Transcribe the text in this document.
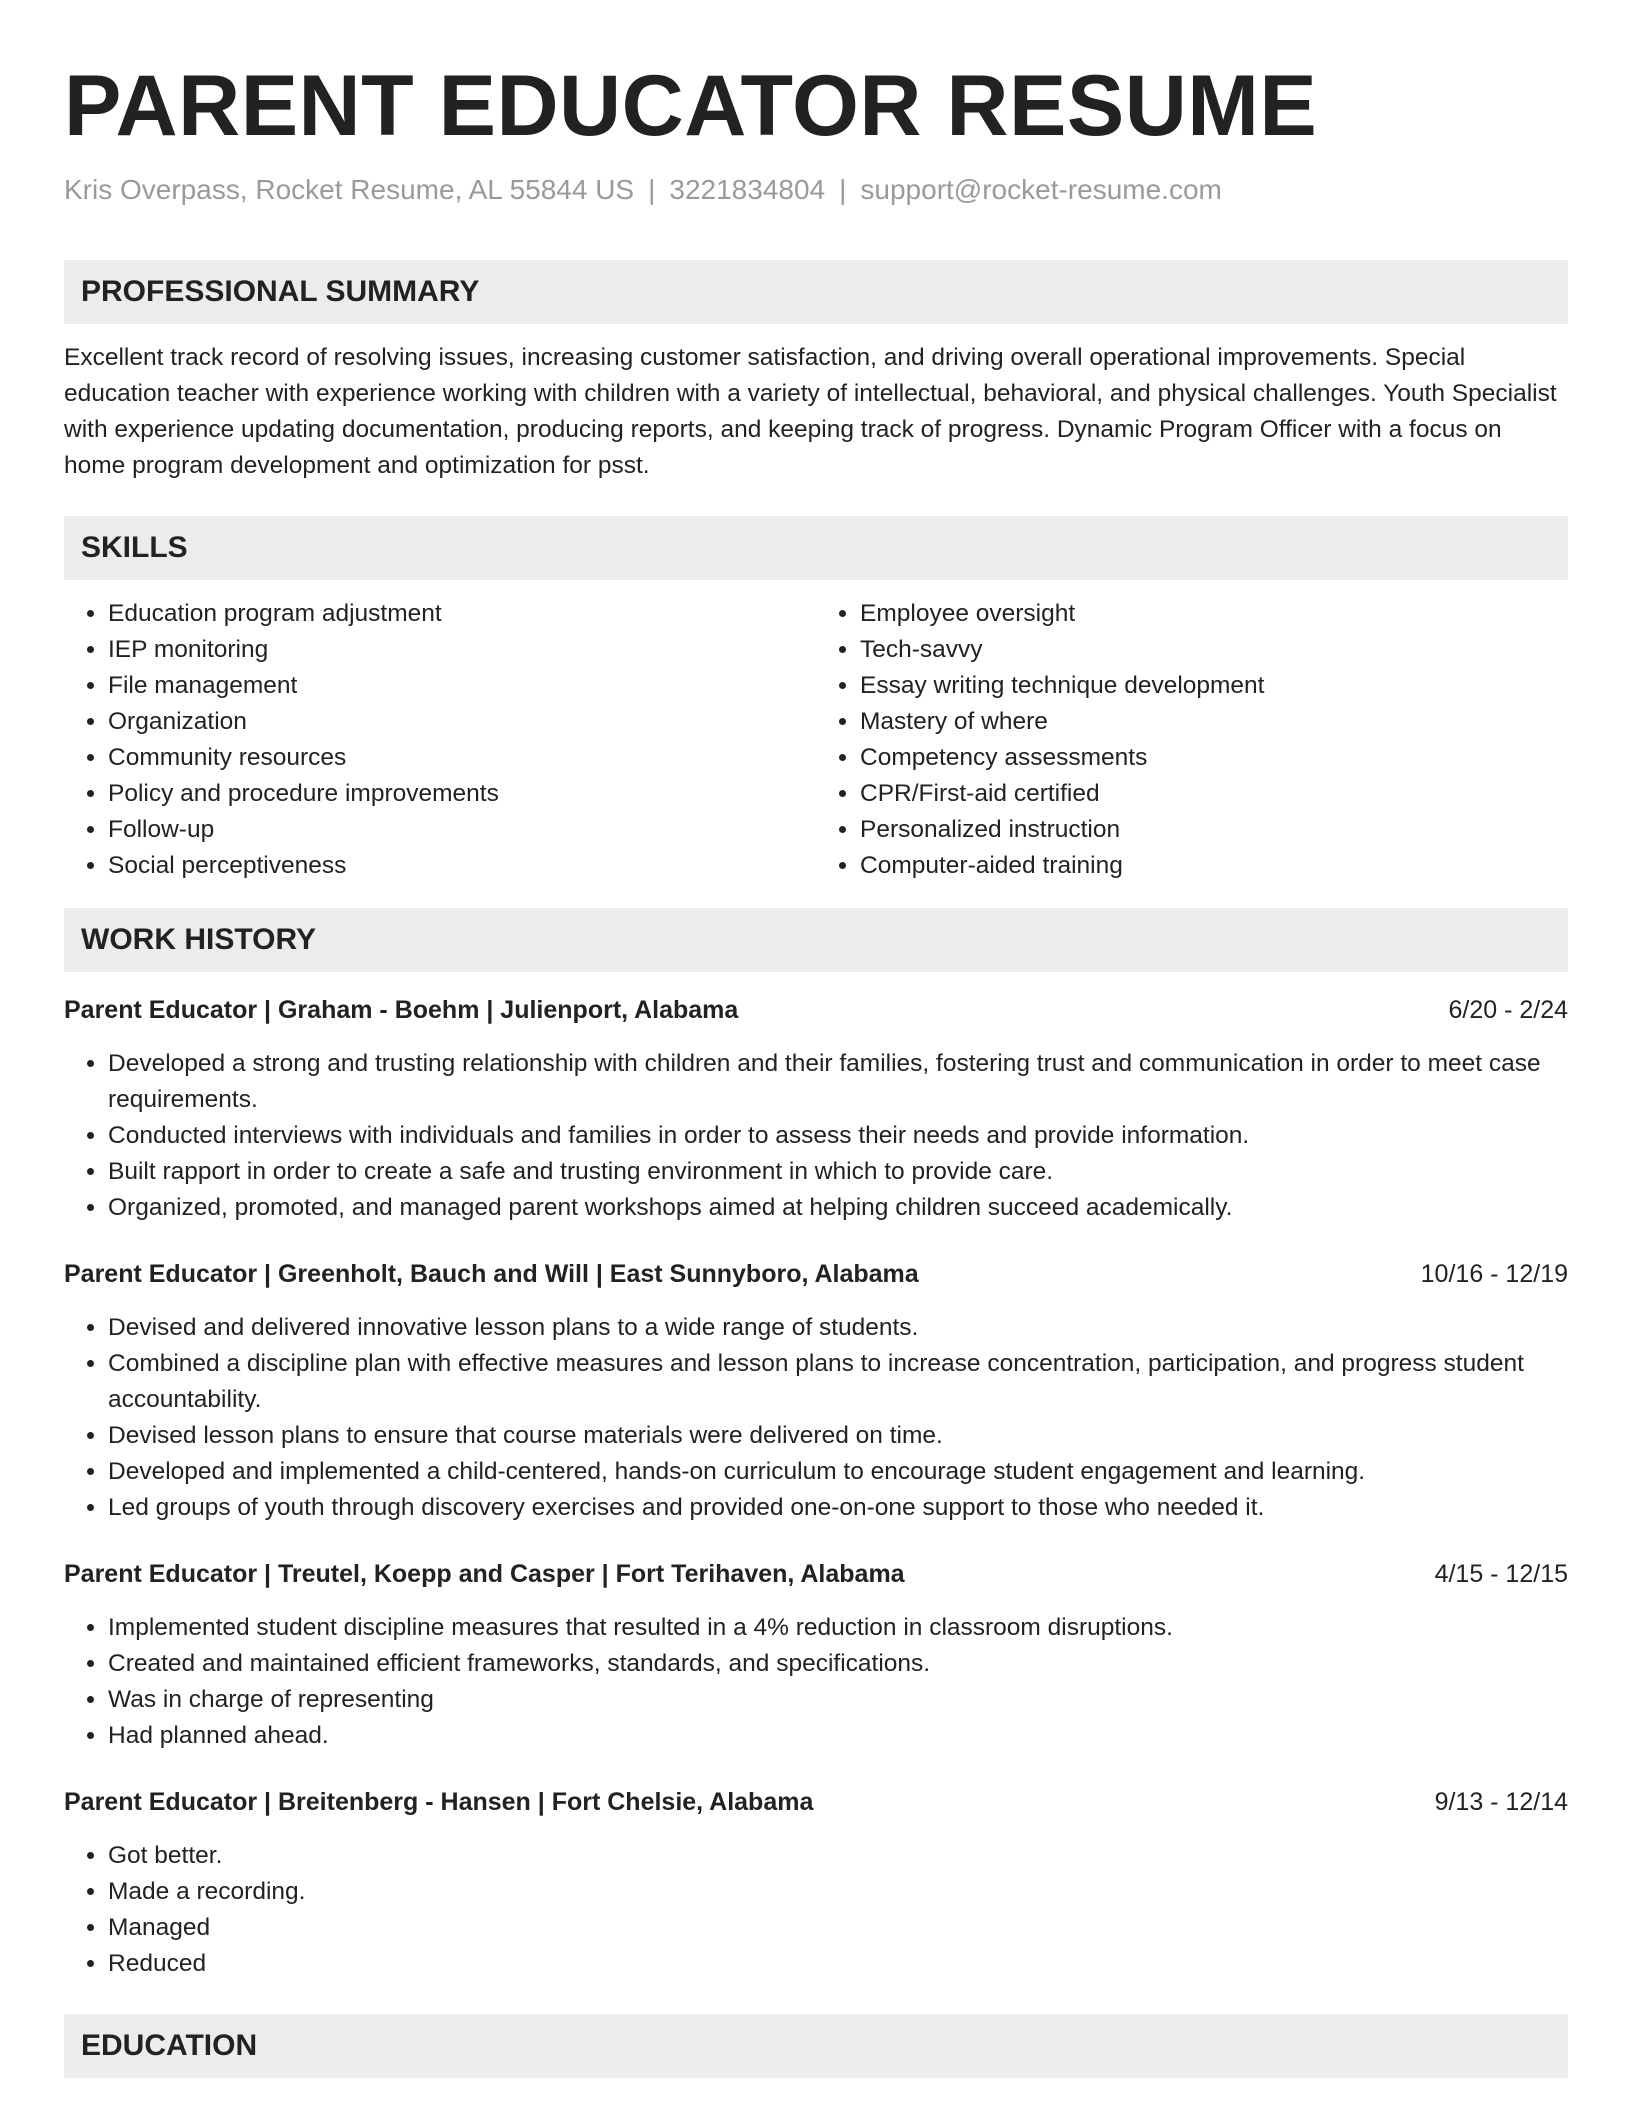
PARENT EDUCATOR RESUME
Kris Overpass, Rocket Resume, AL 55844 US | 3221834804 | support@rocket-resume.com
PROFESSIONAL SUMMARY
Excellent track record of resolving issues, increasing customer satisfaction, and driving overall operational improvements. Special education teacher with experience working with children with a variety of intellectual, behavioral, and physical challenges. Youth Specialist with experience updating documentation, producing reports, and keeping track of progress. Dynamic Program Officer with a focus on home program development and optimization for psst.
SKILLS
• Education program adjustment
• IEP monitoring
• File management
• Organization
• Community resources
• Policy and procedure improvements
• Follow-up
• Social perceptiveness
• Employee oversight
• Tech-savvy
• Essay writing technique development
• Mastery of where
• Competency assessments
• CPR/First-aid certified
• Personalized instruction
• Computer-aided training
WORK HISTORY
Parent Educator | Graham - Boehm | Julienport, Alabama	6/20 - 2/24
• Developed a strong and trusting relationship with children and their families, fostering trust and communication in order to meet case requirements.
• Conducted interviews with individuals and families in order to assess their needs and provide information.
• Built rapport in order to create a safe and trusting environment in which to provide care.
• Organized, promoted, and managed parent workshops aimed at helping children succeed academically.
Parent Educator | Greenholt, Bauch and Will | East Sunnyboro, Alabama	10/16 - 12/19
• Devised and delivered innovative lesson plans to a wide range of students.
• Combined a discipline plan with effective measures and lesson plans to increase concentration, participation, and progress student accountability.
• Devised lesson plans to ensure that course materials were delivered on time.
• Developed and implemented a child-centered, hands-on curriculum to encourage student engagement and learning.
• Led groups of youth through discovery exercises and provided one-on-one support to those who needed it.
Parent Educator | Treutel, Koepp and Casper | Fort Terihaven, Alabama	4/15 - 12/15
• Implemented student discipline measures that resulted in a 4% reduction in classroom disruptions.
• Created and maintained efficient frameworks, standards, and specifications.
• Was in charge of representing
• Had planned ahead.
Parent Educator | Breitenberg - Hansen | Fort Chelsie, Alabama	9/13 - 12/14
• Got better.
• Made a recording.
• Managed
• Reduced
EDUCATION
